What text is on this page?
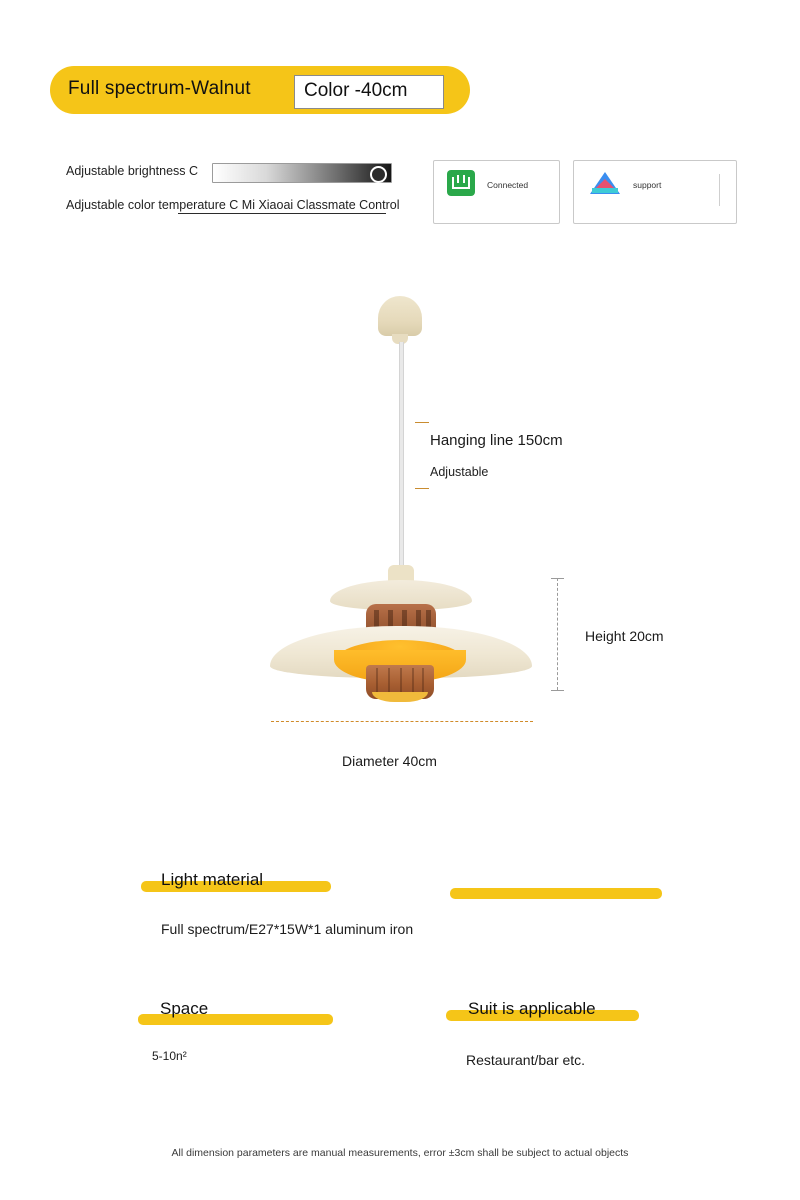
Full spectrum-Walnut	Color -40cm
Adjustable brightness C
Adjustable color temperature C Mi Xiaoai Classmate Control
Connected	support
Hanging line 150cm
Adjustable
Height 20cm
Diameter 40cm
Light material
Full spectrum/E27*15W*1 aluminum iron
Space
5-10n²
Suit is applicable
Restaurant/bar etc.
All dimension parameters are manual measurements, error ±3cm shall be subject to actual objects
